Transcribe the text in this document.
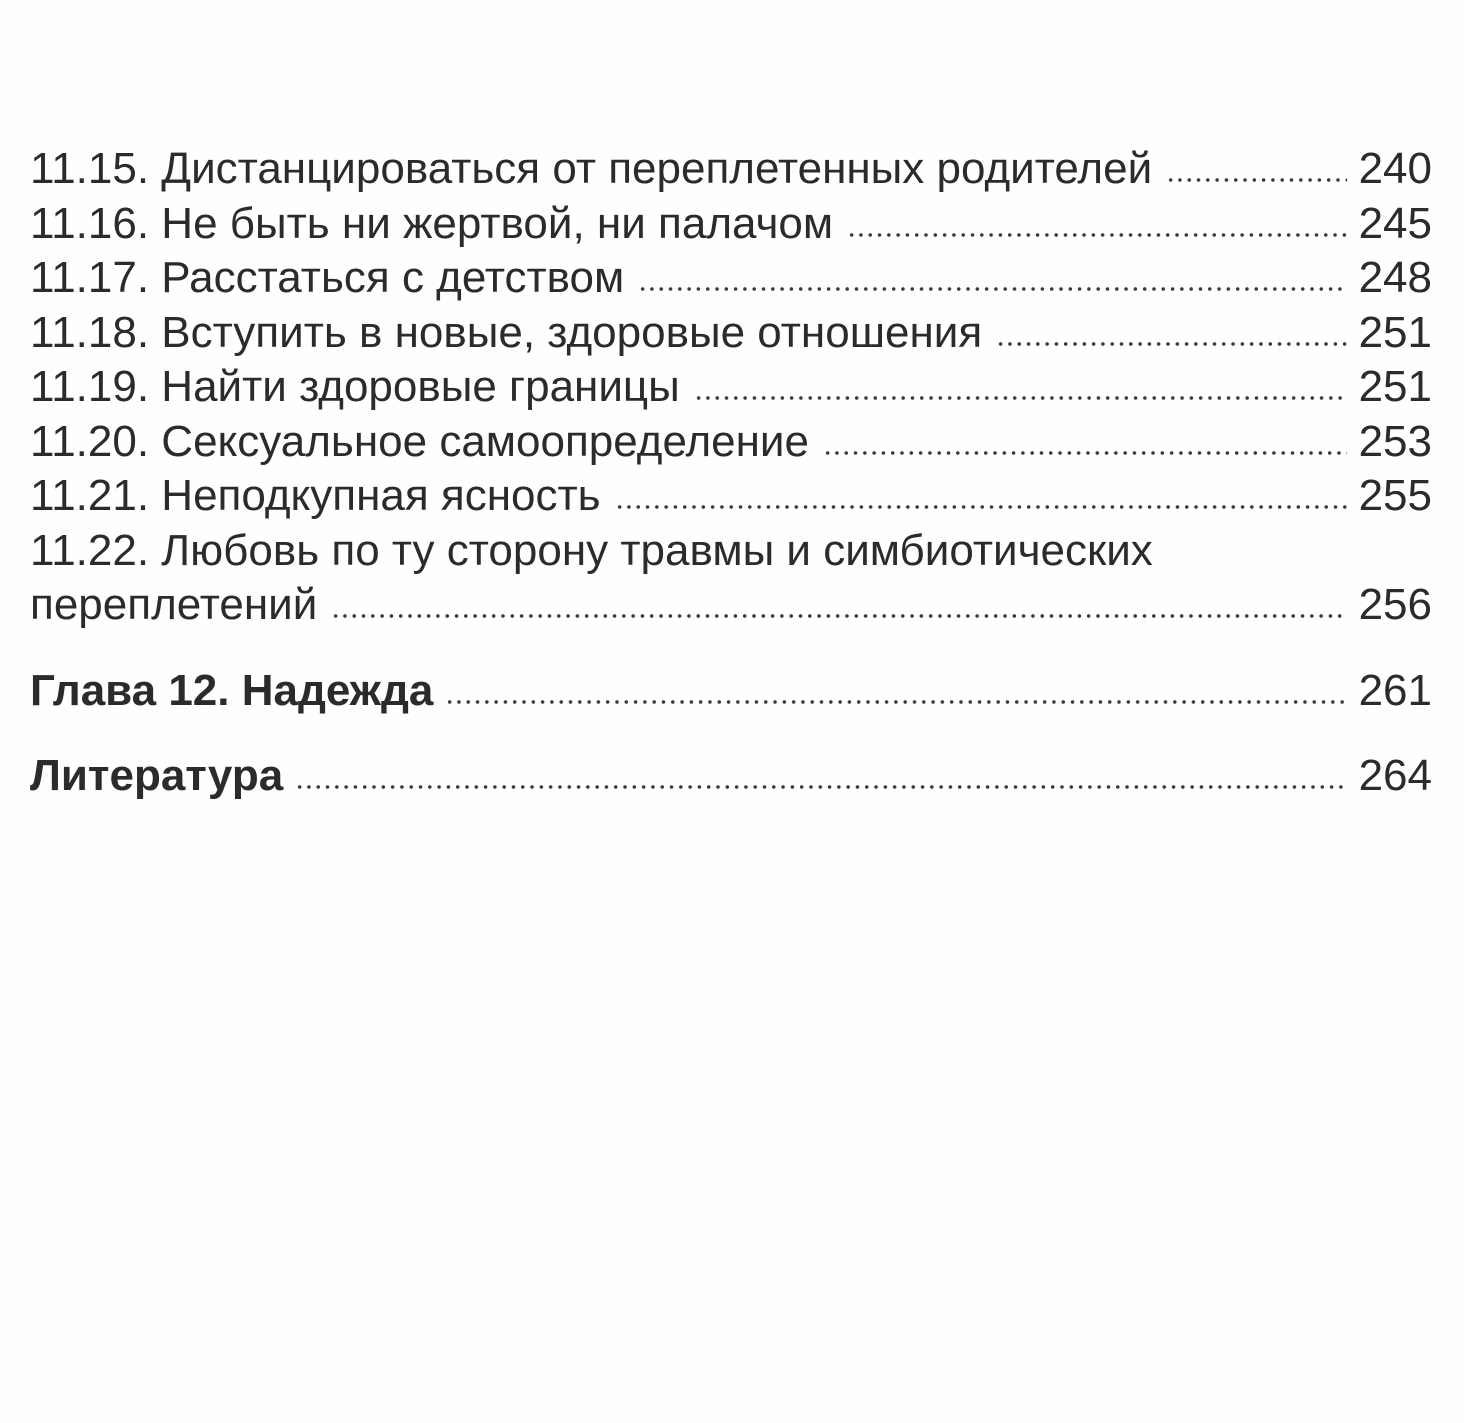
11.15. Дистанцироваться от переплетенных родителей	240
11.16. Не быть ни жертвой, ни палачом	245
11.17. Расстаться с детством	248
11.18. Вступить в новые, здоровые отношения	251
11.19. Найти здоровые границы	251
11.20. Сексуальное самоопределение	253
11.21. Неподкупная ясность	255
11.22. Любовь по ту сторону травмы и симбиотических
переплетений	256
Глава 12. Надежда	261
Литература	264
